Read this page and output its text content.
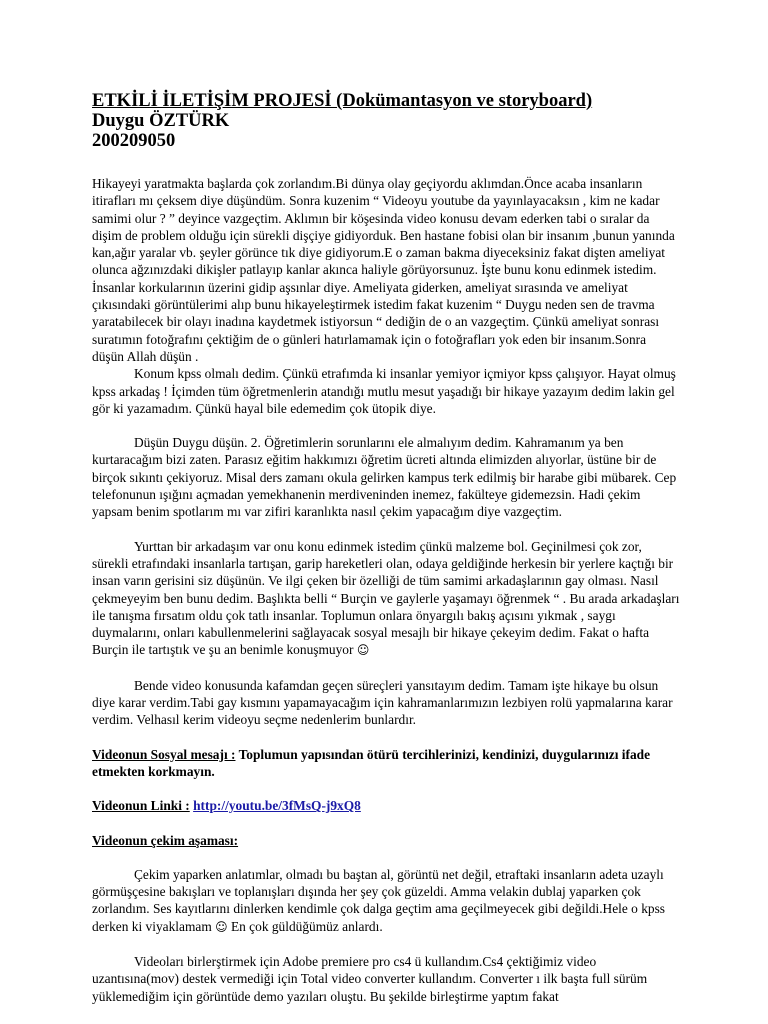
ETKİLİ İLETİŞİM PROJESİ (Dokümantasyon ve storyboard)
Duygu ÖZTÜRK
200209050

Hikayeyi yaratmakta başlarda çok zorlandım.Bi dünya olay geçiyordu aklımdan.Önce acaba insanların itirafları mı çeksem diye düşündüm. Sonra kuzenim “ Videoyu youtube da yayınlayacaksın , kim ne kadar samimi olur ? ” deyince vazgeçtim. Aklımın bir köşesinda video konusu devam ederken tabi o sıralar da dişim de problem olduğu için sürekli dişçiye gidiyorduk. Ben hastane fobisi olan bir insanım ,bunun yanında kan,ağır yaralar vb. şeyler görünce tık diye gidiyorum.E o zaman bakma diyeceksiniz fakat dişten ameliyat olunca ağzınızdaki dikişler patlayıp kanlar akınca haliyle görüyorsunuz. İşte bunu konu edinmek istedim. İnsanlar korkularının üzerini gidip aşsınlar diye. Ameliyata giderken, ameliyat sırasında ve ameliyat çıkısındaki görüntülerimi alıp bunu hikayeleştirmek istedim fakat kuzenim “ Duygu neden sen de travma yaratabilecek bir olayı inadına kaydetmek istiyorsun “ dediğin de o an vazgeçtim. Çünkü ameliyat sonrası suratımın fotoğrafını çektiğim de o günleri hatırlamamak için o fotoğrafları yok eden bir insanım.Sonra düşün Allah düşün .

Konum kpss olmalı dedim. Çünkü etrafımda ki insanlar yemiyor içmiyor kpss çalışıyor. Hayat olmuş kpss arkadaş ! İçimden tüm öğretmenlerin atandığı mutlu mesut yaşadığı bir hikaye yazayım dedim lakin gel gör ki yazamadım. Çünkü hayal bile edemedim çok ütopik diye.

Düşün Duygu düşün. 2. Öğretimlerin sorunlarını ele almalıyım dedim. Kahramanım ya ben kurtaracağım bizi zaten. Parasız eğitim hakkımızı öğretim ücreti altında elimizden alıyorlar, üstüne bir de birçok sıkıntı çekiyoruz. Misal ders zamanı okula gelirken kampus terk edilmiş bir harabe gibi mübarek. Cep telefonunun ışığını açmadan yemekhanenin merdiveninden inemez, fakülteye gidemezsin. Hadi çekim yapsam benim spotlarım mı var zifiri karanlıkta nasıl çekim yapacağım diye vazgeçtim.

Yurttan bir arkadaşım var onu konu edinmek istedim çünkü malzeme bol. Geçinilmesi çok zor, sürekli etrafındaki insanlarla tartışan, garip hareketleri olan, odaya geldiğinde herkesin bir yerlere kaçtığı bir insan varın gerisini siz düşünün. Ve ilgi çeken bir özelliği de tüm samimi arkadaşlarının gay olması. Nasıl çekmeyeyim ben bunu dedim. Başlıkta belli “ Burçin ve gaylerle yaşamayı öğrenmek “ . Bu arada arkadaşları ile tanışma fırsatım oldu çok tatlı insanlar. Toplumun onlara önyargılı bakış açısını yıkmak , saygı duymalarını, onları kabullenmelerini sağlayacak sosyal mesajlı bir hikaye çekeyim dedim. Fakat o hafta Burçin ile tartıştık ve şu an benimle konuşmuyor ☺

Bende video konusunda kafamdan geçen süreçleri yansıtayım dedim. Tamam işte hikaye bu olsun diye karar verdim.Tabi gay kısmını yapamayacağım için kahramanlarımızın lezbiyen rolü yapmalarına karar verdim. Velhasıl kerim videoyu seçme nedenlerim bunlardır.

Videonun Sosyal mesajı : Toplumun yapısından ötürü tercihlerinizi, kendinizi, duygularınızı ifade etmekten korkmayın.

Videonun Linki : http://youtu.be/3fMsQ-j9xQ8

Videonun çekim aşaması:

Çekim yaparken anlatımlar, olmadı bu baştan al, görüntü net değil, etraftaki insanların adeta uzaylı görmüşçesine bakışları ve toplanışları dışında her şey çok güzeldi. Amma velakin dublaj yaparken çok zorlandım. Ses kayıtlarını dinlerken kendimle çok dalga geçtim ama geçilmeyecek gibi değildi.Hele o kpss derken ki viyaklamam ☺ En çok güldüğümüz anlardı.

Videoları birlerştirmek için Adobe premiere pro cs4 ü kullandım.Cs4 çektiğimiz video uzantısına(mov) destek vermediği için Total video converter kullandım. Converter ı ilk başta full sürüm yüklemediğim için görüntüde demo yazıları oluştu. Bu şekilde birleştirme yaptım fakat
